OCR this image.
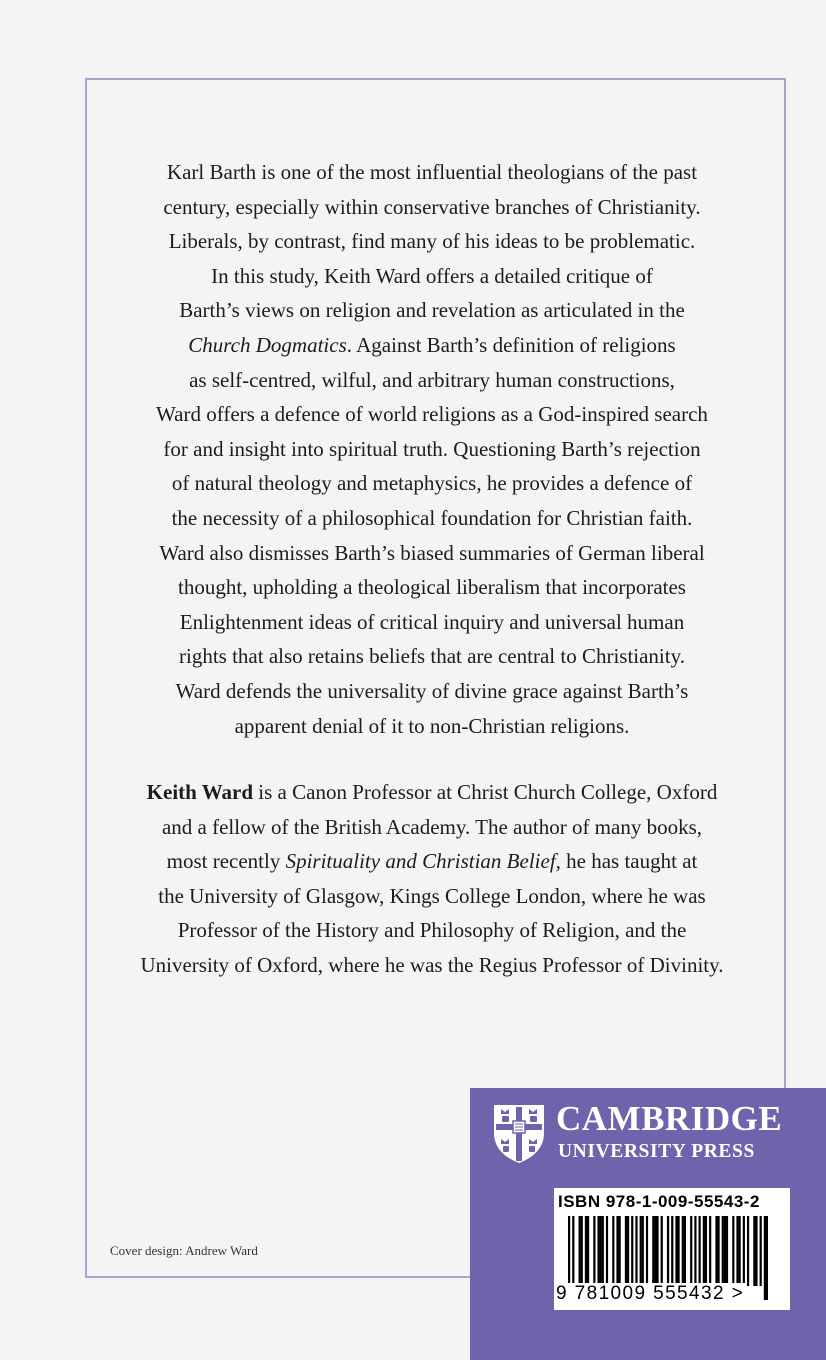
Karl Barth is one of the most influential theologians of the past
century, especially within conservative branches of Christianity.
Liberals, by contrast, find many of his ideas to be problematic.
In this study, Keith Ward offers a detailed critique of
Barth’s views on religion and revelation as articulated in the
Church Dogmatics. Against Barth’s definition of religions
as self-centred, wilful, and arbitrary human constructions,
Ward offers a defence of world religions as a God-inspired search
for and insight into spiritual truth. Questioning Barth’s rejection
of natural theology and metaphysics, he provides a defence of
the necessity of a philosophical foundation for Christian faith.
Ward also dismisses Barth’s biased summaries of German liberal
thought, upholding a theological liberalism that incorporates
Enlightenment ideas of critical inquiry and universal human
rights that also retains beliefs that are central to Christianity.
Ward defends the universality of divine grace against Barth’s
apparent denial of it to non-Christian religions.

Keith Ward is a Canon Professor at Christ Church College, Oxford
and a fellow of the British Academy. The author of many books,
most recently Spirituality and Christian Belief, he has taught at
the University of Glasgow, Kings College London, where he was
Professor of the History and Philosophy of Religion, and the
University of Oxford, where he was the Regius Professor of Divinity.

Cover design: Andrew Ward
CAMBRIDGE
UNIVERSITY PRESS
ISBN 978-1-009-55543-2
9 781009 555432 >
